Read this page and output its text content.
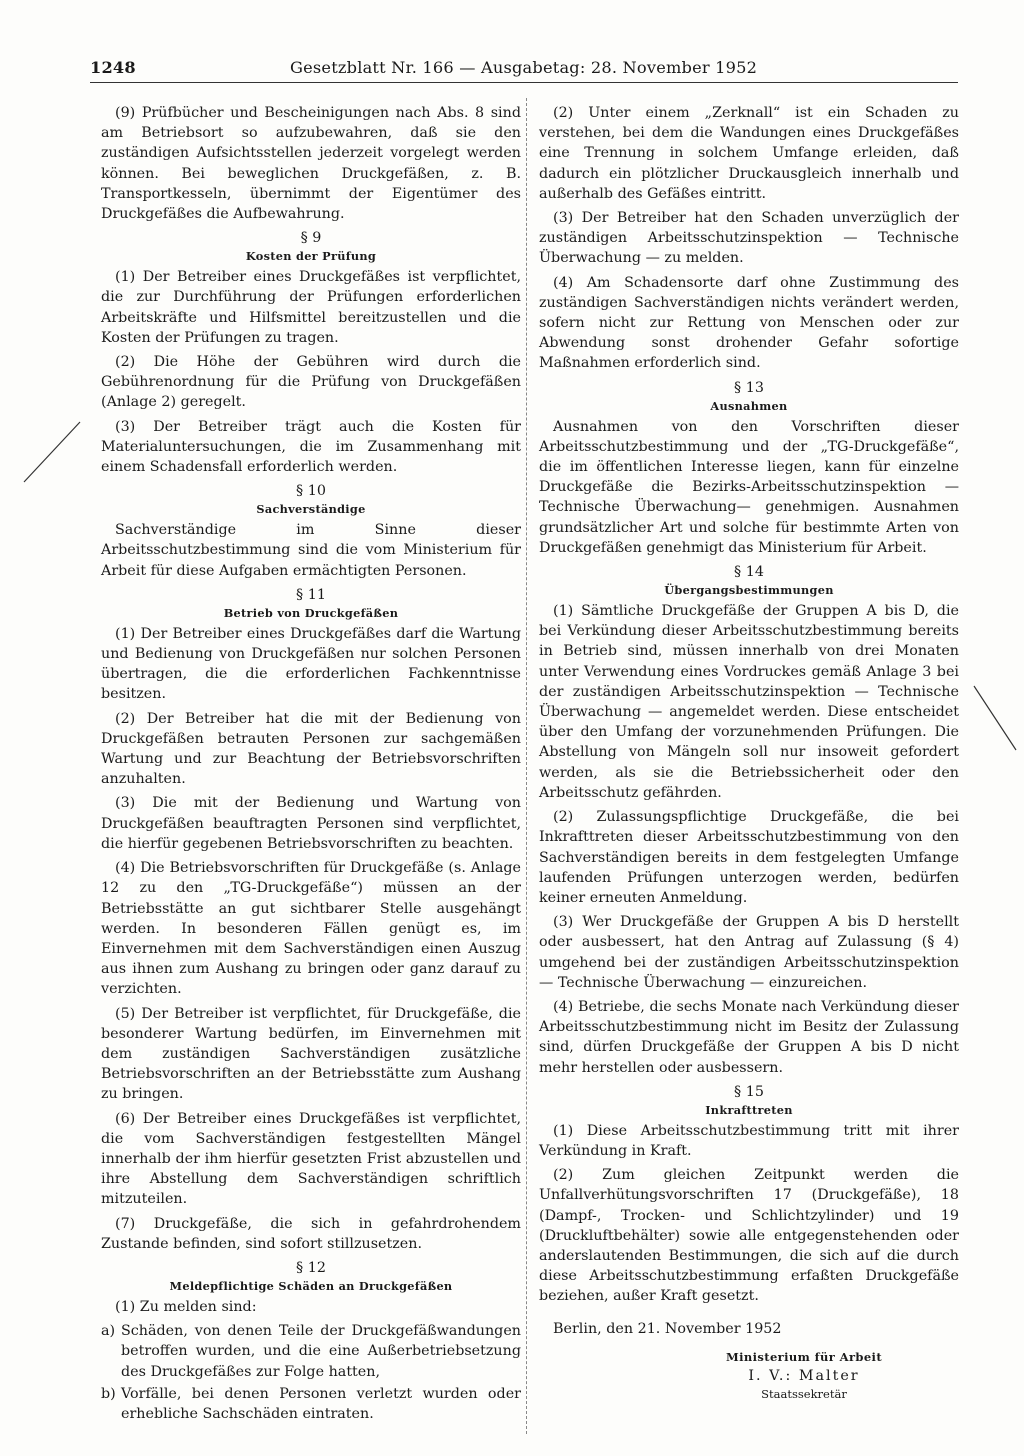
1248	Gesetzblatt Nr. 166 — Ausgabetag: 28. November 1952
(9) Prüfbücher und Bescheinigungen nach Abs. 8 sind am Betriebsort so aufzubewahren, daß sie den zuständigen Aufsichtsstellen jederzeit vorgelegt werden können. Bei beweglichen Druckgefäßen, z. B. Transportkesseln, übernimmt der Eigentümer des Druckgefäßes die Aufbewahrung.
§ 9
Kosten der Prüfung
(1) Der Betreiber eines Druckgefäßes ist verpflichtet, die zur Durchführung der Prüfungen erforderlichen Arbeitskräfte und Hilfsmittel bereitzustellen und die Kosten der Prüfungen zu tragen.
(2) Die Höhe der Gebühren wird durch die Gebührenordnung für die Prüfung von Druckgefäßen (Anlage 2) geregelt.
(3) Der Betreiber trägt auch die Kosten für Materialuntersuchungen, die im Zusammenhang mit einem Schadensfall erforderlich werden.
§ 10
Sachverständige
Sachverständige im Sinne dieser Arbeitsschutzbestimmung sind die vom Ministerium für Arbeit für diese Aufgaben ermächtigten Personen.
§ 11
Betrieb von Druckgefäßen
(1) Der Betreiber eines Druckgefäßes darf die Wartung und Bedienung von Druckgefäßen nur solchen Personen übertragen, die die erforderlichen Fachkenntnisse besitzen.
(2) Der Betreiber hat die mit der Bedienung von Druckgefäßen betrauten Personen zur sachgemäßen Wartung und zur Beachtung der Betriebsvorschriften anzuhalten.
(3) Die mit der Bedienung und Wartung von Druckgefäßen beauftragten Personen sind verpflichtet, die hierfür gegebenen Betriebsvorschriften zu beachten.
(4) Die Betriebsvorschriften für Druckgefäße (s. Anlage 12 zu den „TG-Druckgefäße“) müssen an der Betriebsstätte an gut sichtbarer Stelle ausgehängt werden. In besonderen Fällen genügt es, im Einvernehmen mit dem Sachverständigen einen Auszug aus ihnen zum Aushang zu bringen oder ganz darauf zu verzichten.
(5) Der Betreiber ist verpflichtet, für Druckgefäße, die besonderer Wartung bedürfen, im Einvernehmen mit dem zuständigen Sachverständigen zusätzliche Betriebsvorschriften an der Betriebsstätte zum Aushang zu bringen.
(6) Der Betreiber eines Druckgefäßes ist verpflichtet, die vom Sachverständigen festgestellten Mängel innerhalb der ihm hierfür gesetzten Frist abzustellen und ihre Abstellung dem Sachverständigen schriftlich mitzuteilen.
(7) Druckgefäße, die sich in gefahrdrohendem Zustande befinden, sind sofort stillzusetzen.
§ 12
Meldepflichtige Schäden an Druckgefäßen
(1) Zu melden sind:
a) Schäden, von denen Teile der Druckgefäßwandungen betroffen wurden, und die eine Außerbetriebsetzung des Druckgefäßes zur Folge hatten,
b) Vorfälle, bei denen Personen verletzt wurden oder erhebliche Sachschäden eintraten.
(2) Unter einem „Zerknall“ ist ein Schaden zu verstehen, bei dem die Wandungen eines Druckgefäßes eine Trennung in solchem Umfange erleiden, daß dadurch ein plötzlicher Druckausgleich innerhalb und außerhalb des Gefäßes eintritt.
(3) Der Betreiber hat den Schaden unverzüglich der zuständigen Arbeitsschutzinspektion — Technische Überwachung — zu melden.
(4) Am Schadensorte darf ohne Zustimmung des zuständigen Sachverständigen nichts verändert werden, sofern nicht zur Rettung von Menschen oder zur Abwendung sonst drohender Gefahr sofortige Maßnahmen erforderlich sind.
§ 13
Ausnahmen
Ausnahmen von den Vorschriften dieser Arbeitsschutzbestimmung und der „TG-Druckgefäße“, die im öffentlichen Interesse liegen, kann für einzelne Druckgefäße die Bezirks-Arbeitsschutzinspektion — Technische Überwachung— genehmigen. Ausnahmen grundsätzlicher Art und solche für bestimmte Arten von Druckgefäßen genehmigt das Ministerium für Arbeit.
§ 14
Übergangsbestimmungen
(1) Sämtliche Druckgefäße der Gruppen A bis D, die bei Verkündung dieser Arbeitsschutzbestimmung bereits in Betrieb sind, müssen innerhalb von drei Monaten unter Verwendung eines Vordruckes gemäß Anlage 3 bei der zuständigen Arbeitsschutzinspektion — Technische Überwachung — angemeldet werden. Diese entscheidet über den Umfang der vorzunehmenden Prüfungen. Die Abstellung von Mängeln soll nur insoweit gefordert werden, als sie die Betriebssicherheit oder den Arbeitsschutz gefährden.
(2) Zulassungspflichtige Druckgefäße, die bei Inkrafttreten dieser Arbeitsschutzbestimmung von den Sachverständigen bereits in dem festgelegten Umfange laufenden Prüfungen unterzogen werden, bedürfen keiner erneuten Anmeldung.
(3) Wer Druckgefäße der Gruppen A bis D herstellt oder ausbessert, hat den Antrag auf Zulassung (§ 4) umgehend bei der zuständigen Arbeitsschutzinspektion — Technische Überwachung — einzureichen.
(4) Betriebe, die sechs Monate nach Verkündung dieser Arbeitsschutzbestimmung nicht im Besitz der Zulassung sind, dürfen Druckgefäße der Gruppen A bis D nicht mehr herstellen oder ausbessern.
§ 15
Inkrafttreten
(1) Diese Arbeitsschutzbestimmung tritt mit ihrer Verkündung in Kraft.
(2) Zum gleichen Zeitpunkt werden die Unfallverhütungsvorschriften 17 (Druckgefäße), 18 (Dampf-, Trocken- und Schlichtzylinder) und 19 (Druckluftbehälter) sowie alle entgegenstehenden oder anderslautenden Bestimmungen, die sich auf die durch diese Arbeitsschutzbestimmung erfaßten Druckgefäße beziehen, außer Kraft gesetzt.
Berlin, den 21. November 1952
Ministerium für Arbeit
I. V.: Malter
Staatssekretär
